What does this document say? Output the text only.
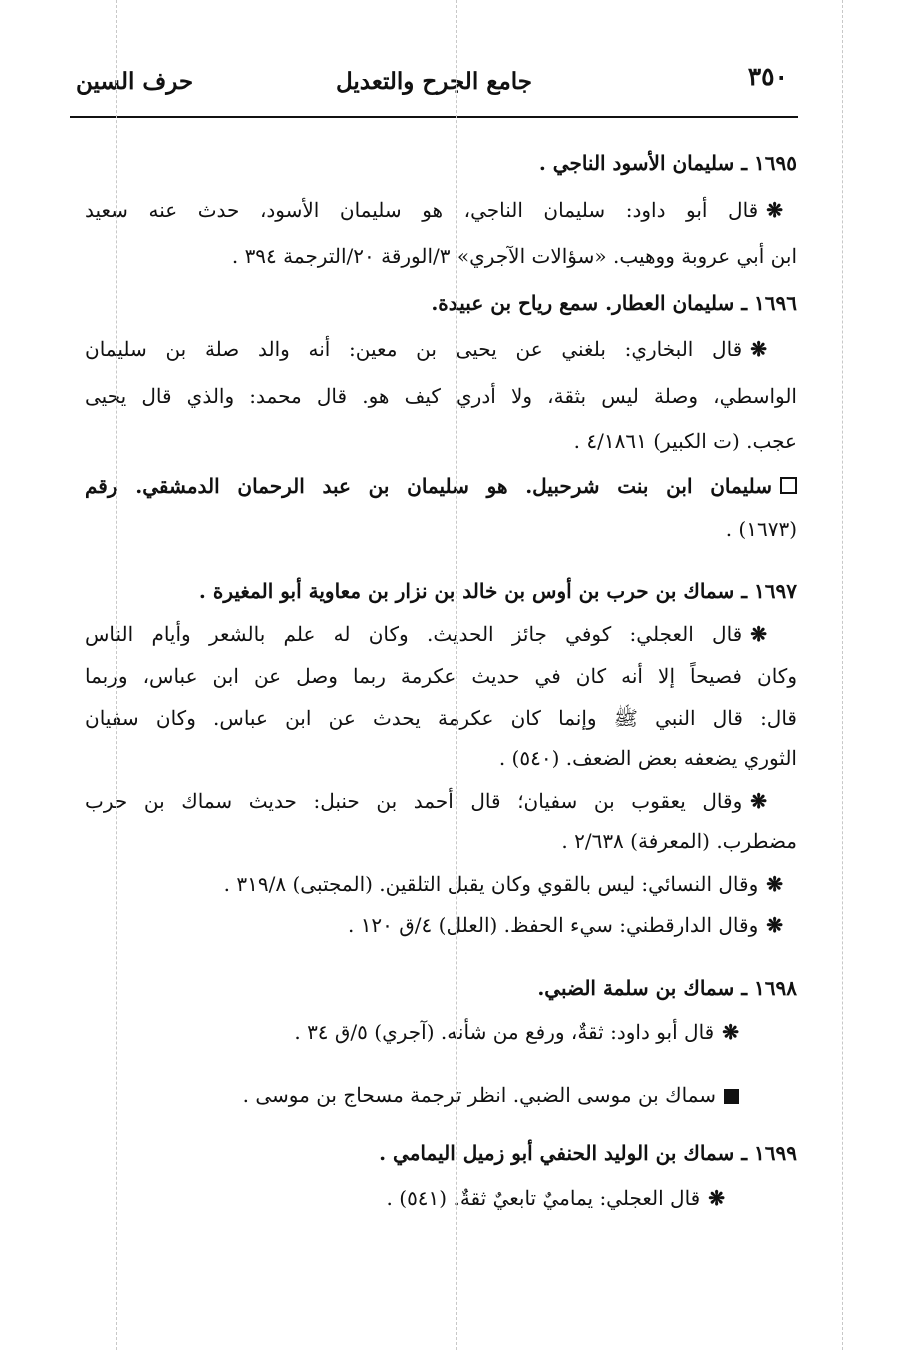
٣٥٠
جامع الجرح والتعديل
حرف السين
١٦٩٥ ـ سليمان الأسود الناجي .
❋قال أبو داود: سليمان الناجي، هو سليمان الأسود، حدث عنه سعيد
ابن أبي عروبة ووهيب. «سؤالات الآجري» ٣/الورقة ٢٠/الترجمة ٣٩٤ .
١٦٩٦ ـ سليمان العطار. سمع رياح بن عبيدة.
❋قال البخاري: بلغني عن يحيى بن معين: أنه والد صلة بن سليمان
الواسطي، وصلة ليس بثقة، ولا أدري كيف هو. قال محمد: والذي قال يحيى
عجب. (ت الكبير) ٤/١٨٦١ .
سليمان ابن بنت شرحبيل. هو سليمان بن عبد الرحمان الدمشقي. رقم
(١٦٧٣) .
١٦٩٧ ـ سماك بن حرب بن أوس بن خالد بن نزار بن معاوية أبو المغيرة .
❋قال العجلي: كوفي جائز الحديث. وكان له علم بالشعر وأيام الناس
وكان فصيحاً إلا أنه كان في حديث عكرمة ربما وصل عن ابن عباس، وربما
قال: قال النبي ﷺ وإنما كان عكرمة يحدث عن ابن عباس. وكان سفيان
الثوري يضعفه بعض الضعف. (٥٤٠) .
❋وقال يعقوب بن سفيان؛ قال أحمد بن حنبل: حديث سماك بن حرب
مضطرب. (المعرفة) ٢/٦٣٨ .
❋وقال النسائي: ليس بالقوي وكان يقبل التلقين. (المجتبى) ٣١٩/٨ .
❋وقال الدارقطني: سيء الحفظ. (العلل) ٤/ق ١٢٠ .
١٦٩٨ ـ سماك بن سلمة الضبي.
❋قال أبو داود: ثقةٌ، ورفع من شأنه. (آجري) ٥/ق ٣٤ .
سماك بن موسى الضبي. انظر ترجمة مسحاج بن موسى .
١٦٩٩ ـ سماك بن الوليد الحنفي أبو زميل اليمامي .
❋قال العجلي: يماميٌ تابعيٌ ثقةٌ. (٥٤١) .
